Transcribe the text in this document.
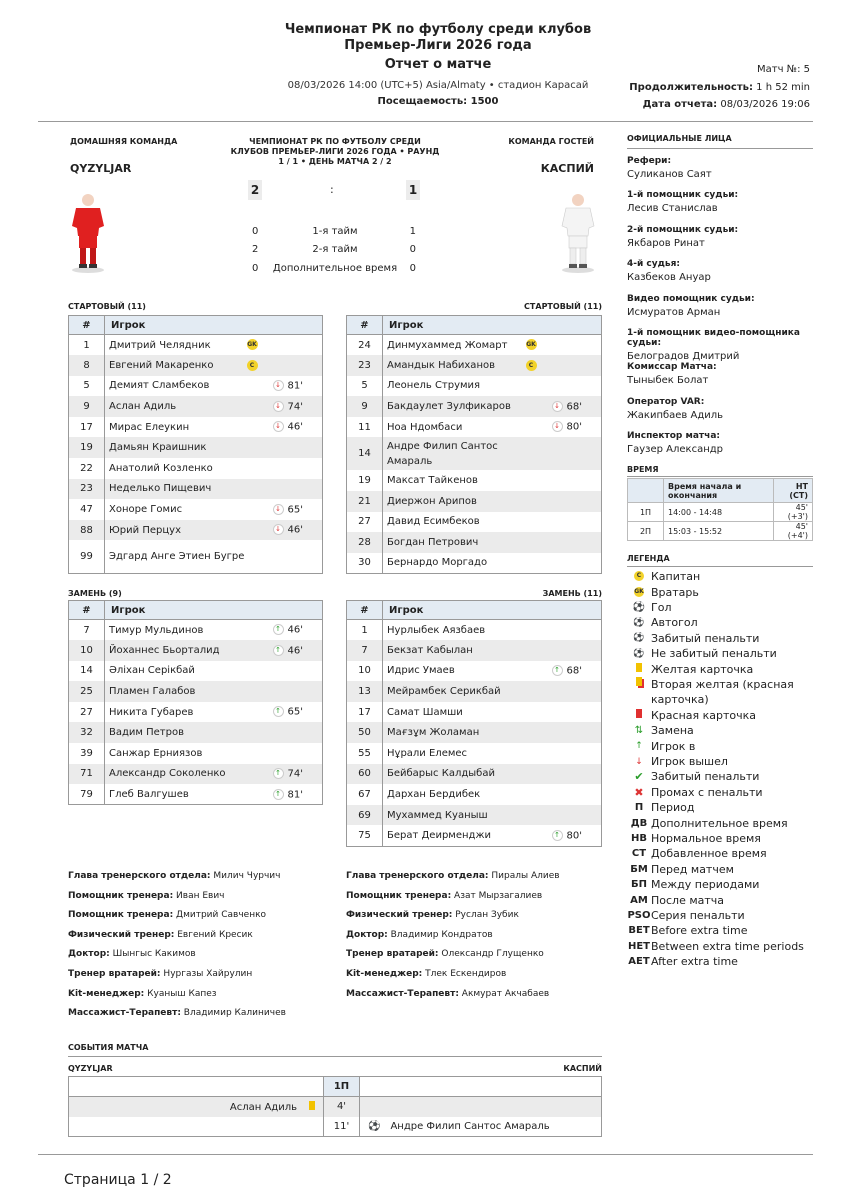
Чемпионат РК по футболу среди клубов
Премьер-Лиги 2026 года
Отчет о матче
08/03/2026 14:00 (UTC+5) Asia/Almaty • стадион Карасай
Посещаемость: 1500
Матч №: 5
Продолжительность: 1 h 52 min
Дата отчета: 08/03/2026 19:06
ДОМАШНЯЯ КОМАНДА	ЧЕМПИОНАТ РК ПО ФУТБОЛУ СРЕДИ КЛУБОВ ПРЕМЬЕР-ЛИГИ 2026 ГОДА • РАУНД 1 / 1 • ДЕНЬ МАТЧА 2 / 2
КОМАНДА ГОСТЕЙ
QYZYLJAR	КАСПИЙ
2	:	1
0	1-я тайм	1
2	2-я тайм	0
0	Дополнительное время	0
СТАРТОВЫЙ (11)	СТАРТОВЫЙ (11)
#	Игрок		
1	Дмитрий Челядник	GK	
8	Евгений Макаренко	C	
5	Демият Сламбеков		↓ 81'
9	Аслан Адиль		↓ 74'
17	Мирас Елеукин		↓ 46'
19	Дамьян Краишник		
22	Анатолий Козленко		
23	Неделько Пищевич		
47	Хоноре Гомис		↓ 65'
88	Юрий Перцух		↓ 46'
99	Эдгард Анге Этиен Бугре		
#	Игрок		
24	Динмухаммед Жомарт	GK	
23	Амандык Набиханов	C	
5	Леонель Струмия		
9	Бакдаулет Зулфикаров		↓ 68'
11	Ноа Ндомбаси		↓ 80'
14	Андре Филип Сантос Амараль		
19	Максат Тайкенов		
21	Диержон Арипов		
27	Давид Есимбеков		
28	Богдан Петрович		
30	Бернардо Моргадо		
ЗАМЕНЬ (9)	ЗАМЕНЬ (11)
#	Игрок		
7	Тимур Мульдинов		↑ 46'
10	Йоханнес Бьорталид		↑ 46'
14	Әліхан Серікбай		
25	Пламен Галабов		
27	Никита Губарев		↑ 65'
32	Вадим Петров		
39	Санжар Ерниязов		
71	Александр Соколенко		↑ 74'
79	Глеб Валгушев		↑ 81'
#	Игрок		
1	Нурлыбек Аязбаев		
7	Бекзат Кабылан		
10	Идрис Умаев		↑ 68'
13	Мейрамбек Серикбай		
17	Самат Шамши		
50	Мағзұм Жоламан		
55	Нұрали Елемес		
60	Бейбарыс Калдыбай		
67	Дархан Бердибек		
69	Мухаммед Куаныш		
75	Берат Деирменджи		↑ 80'
ОФИЦИАЛЬНЫЕ ЛИЦА
Рефери:
Суликанов Саят
1-й помощник судьи:
Лесив Станислав
2-й помощник судьи:
Якбаров Ринат
4-й судья:
Казбеков Ануар
Видео помощник судьи:
Исмуратов Арман
1-й помощник видео-помощника судьи:
Белоградов Дмитрий
Комиссар Матча:
Тыныбек Болат
Оператор VAR:
Жакипбаев Адиль
Инспектор матча:
Гаузер Александр
ВРЕМЯ
	Время начала и окончания	HT (CT)
1П	14:00 - 14:48	45' (+3')
2П	15:03 - 15:52	45' (+4')
ЛЕГЕНДА
C Капитан
GK Вратарь
⚽ Гол
⚽ Автогол
⚽ Забитый пенальти
⚽ Не забитый пенальти
Желтая карточка
Вторая желтая (красная карточка)
Красная карточка
⇅ Замена
↑ Игрок в
↓ Игрок вышел
✔ Забитый пенальти
✖ Промах с пенальти
П Период
ДВ Дополнительное время
НВ Нормальное время
СТ Добавленное время
БМ Перед матчем
БП Между периодами
АМ После матча
PSO Серия пенальти
BET Before extra time
HET Between extra time periods
AET After extra time
Глава тренерского отдела: Милич Чурчич
Помощник тренера: Иван Евич
Помощник тренера: Дмитрий Савченко
Физический тренер: Евгений Кресик
Доктор: Шынгыс Какимов
Тренер вратарей: Нургазы Хайрулин
Kit-менеджер: Куаныш Капез
Массажист-Терапевт: Владимир Калиничев
Глава тренерского отдела: Пиралы Алиев
Помощник тренера: Азат Мырзагалиев
Физический тренер: Руслан Зубик
Доктор: Владимир Кондратов
Тренер вратарей: Олександр Глущенко
Kit-менеджер: Тлек Ескендиров
Массажист-Терапевт: Акмурат Акчабаев
СОБЫТИЯ МАТЧА
QYZYLJAR	КАСПИЙ
	1П	
Аслан Адиль	4'	
	11'	⚽ Андре Филип Сантос Амараль
Страница 1 / 2
